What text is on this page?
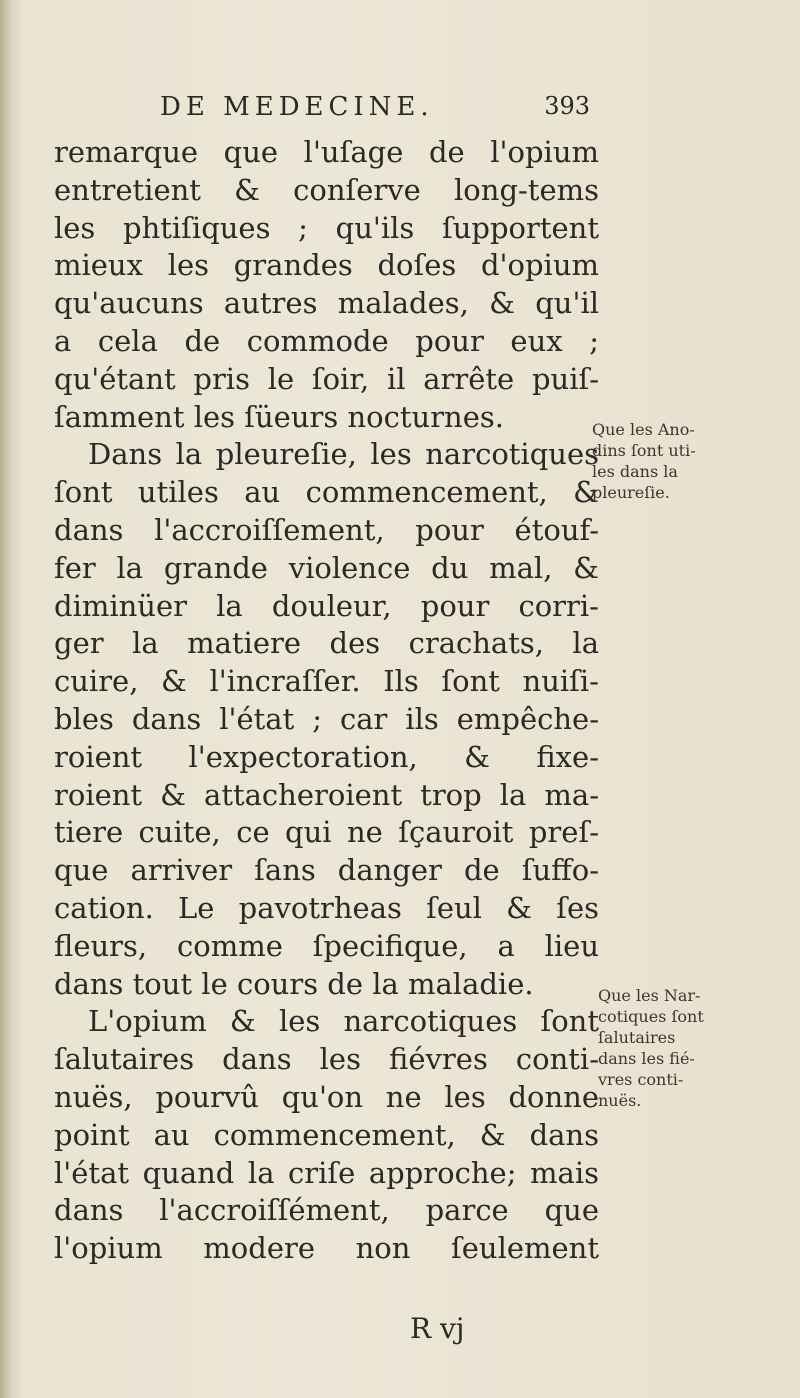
DE MEDECINE.	393
remarque que l'uſage de l'opium
entretient & conſerve long-tems
les phtiſiques ; qu'ils ſupportent
mieux les grandes doſes d'opium
qu'aucuns autres malades, & qu'il
a cela de commode pour eux ;
qu'étant pris le ſoir, il arrête puiſ-
ſamment les ſüeurs nocturnes.
Dans la pleureſie, les narcotiques
ſont utiles au commencement, &
dans l'accroiſſement, pour étouf-
fer la grande violence du mal, &
diminüer la douleur, pour corri-
ger la matiere des crachats, la
cuire, & l'incraſſer. Ils ſont nuiſi-
bles dans l'état ; car ils empêche-
roient l'expectoration, & fixe-
roient & attacheroient trop la ma-
tiere cuite, ce qui ne ſçauroit preſ-
que arriver ſans danger de ſuffo-
cation. Le pavotrheas ſeul & ſes
fleurs, comme ſpecifique, a lieu
dans tout le cours de la maladie.
L'opium & les narcotiques ſont
ſalutaires dans les fiévres conti-
nuës, pourvû qu'on ne les donne
point au commencement, & dans
l'état quand la criſe approche; mais
dans l'accroiſſément, parce que
l'opium modere non ſeulement
Que les Ano-
dins ſont uti-
les dans la
pleureſie.
Que les Nar-
cotiques ſont
ſalutaires
dans les fié-
vres conti-
nuës.
R vj
